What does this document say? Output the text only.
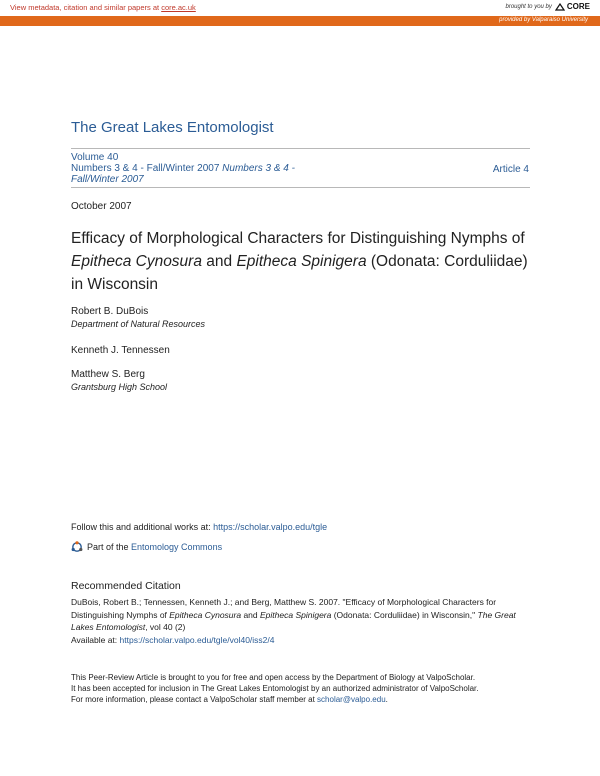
View metadata, citation and similar papers at core.ac.uk	brought to you by CORE
provided by Valparaiso University
The Great Lakes Entomologist
Volume 40
Numbers 3 & 4 - Fall/Winter 2007 Numbers 3 & 4 - Fall/Winter 2007
Article 4
October 2007
Efficacy of Morphological Characters for Distinguishing Nymphs of Epitheca Cynosura and Epitheca Spinigera (Odonata: Corduliidae) in Wisconsin
Robert B. DuBois
Department of Natural Resources
Kenneth J. Tennessen
Matthew S. Berg
Grantsburg High School
Follow this and additional works at: https://scholar.valpo.edu/tgle
Part of the Entomology Commons
Recommended Citation
DuBois, Robert B.; Tennessen, Kenneth J.; and Berg, Matthew S. 2007. "Efficacy of Morphological Characters for Distinguishing Nymphs of Epitheca Cynosura and Epitheca Spinigera (Odonata: Corduliidae) in Wisconsin," The Great Lakes Entomologist, vol 40 (2)
Available at: https://scholar.valpo.edu/tgle/vol40/iss2/4
This Peer-Review Article is brought to you for free and open access by the Department of Biology at ValpoScholar.
It has been accepted for inclusion in The Great Lakes Entomologist by an authorized administrator of ValpoScholar.
For more information, please contact a ValpoScholar staff member at scholar@valpo.edu.
